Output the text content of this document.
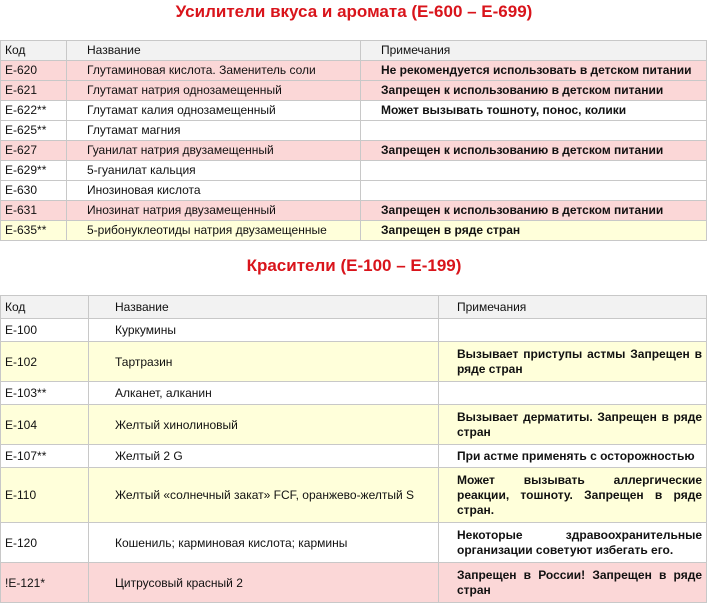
Усилители вкуса и аромата (Е-600 – Е-699)
Код	Название	Примечания
Е-620	Глутаминовая кислота. Заменитель соли	Не рекомендуется использовать в детском питании
Е-621	Глутамат натрия однозамещенный	Запрещен к использованию в детском питании
Е-622**	Глутамат калия однозамещенный	Может вызывать тошноту, понос, колики
Е-625**	Глутамат магния	
Е-627	Гуанилат натрия двузамещенный	Запрещен к использованию в детском питании
Е-629**	5-гуанилат кальция	
Е-630	Инозиновая кислота	
Е-631	Инозинат натрия двузамещенный	Запрещен к использованию в детском питании
Е-635**	5-рибонуклеотиды натрия двузамещенные	Запрещен в ряде стран
Красители (Е-100 – Е-199)
Код	Название	Примечания
Е-100	Куркумины	
Е-102	Тартразин	Вызывает приступы астмы Запрещен в ряде стран
Е-103**	Алканет, алканин	
Е-104	Желтый хинолиновый	Вызывает дерматиты. Запрещен в ряде стран
Е-107**	Желтый 2 G	При астме применять с осторожностью
Е-110	Желтый «солнечный закат» FCF, оранжево-желтый S	Может вызывать аллергические реакции, тошноту. Запрещен в ряде стран.
Е-120	Кошениль; карминовая кислота; кармины	Некоторые здравоохранительные организации советуют избегать его.
!Е-121*	Цитрусовый красный 2	Запрещен в России! Запрещен в ряде стран
